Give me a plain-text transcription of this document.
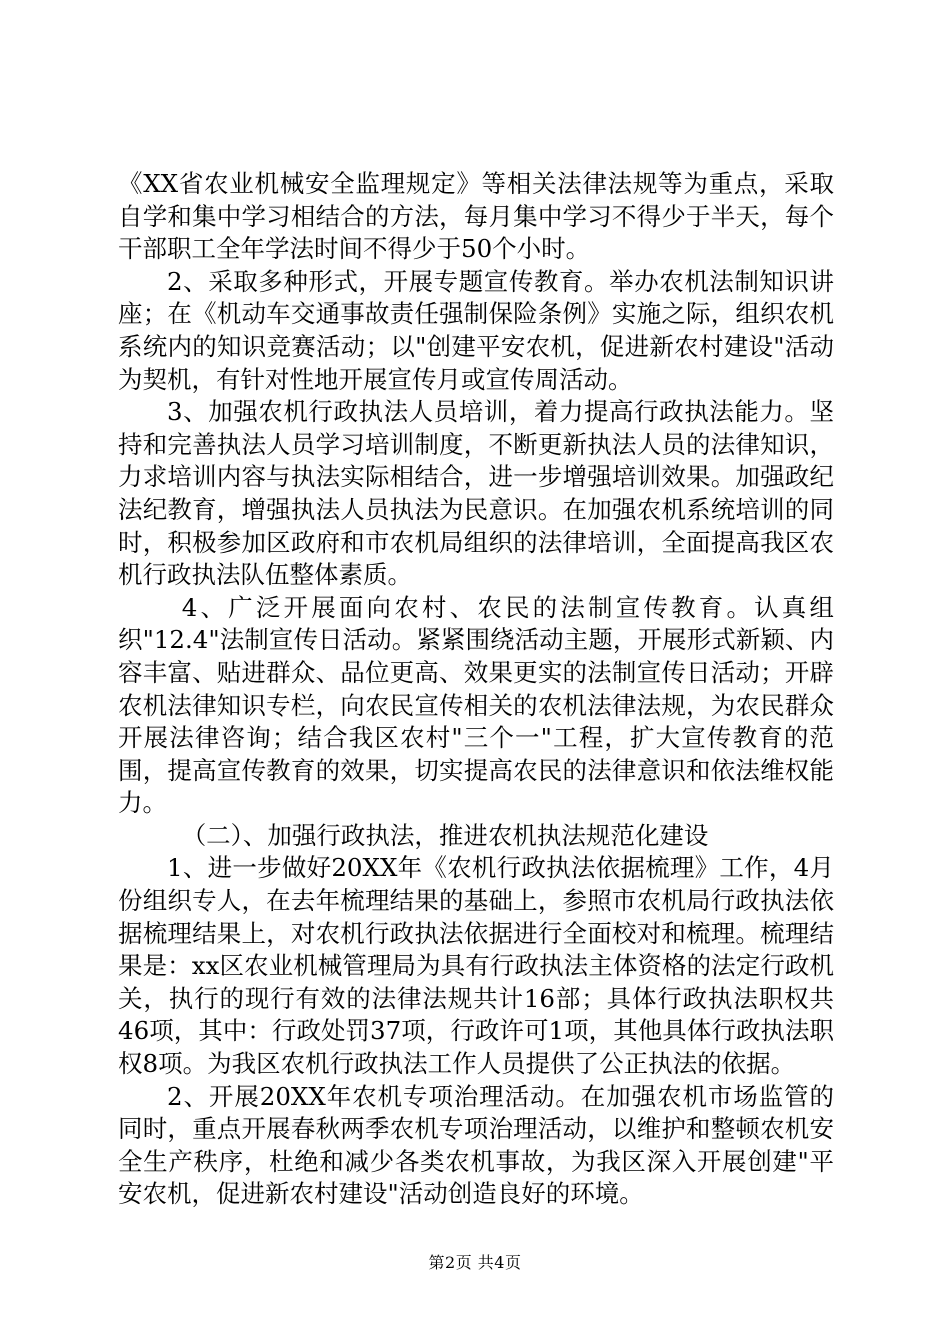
《XX省农业机械安全监理规定》等相关法律法规等为重点，采取自学和集中学习相结合的方法，每月集中学习不得少于半天，每个干部职工全年学法时间不得少于50个小时。

2、采取多种形式，开展专题宣传教育。举办农机法制知识讲座；在《机动车交通事故责任强制保险条例》实施之际，组织农机系统内的知识竞赛活动；以"创建平安农机，促进新农村建设"活动为契机，有针对性地开展宣传月或宣传周活动。

3、加强农机行政执法人员培训，着力提高行政执法能力。坚持和完善执法人员学习培训制度，不断更新执法人员的法律知识，力求培训内容与执法实际相结合，进一步增强培训效果。加强政纪法纪教育，增强执法人员执法为民意识。在加强农机系统培训的同时，积极参加区政府和市农机局组织的法律培训，全面提高我区农机行政执法队伍整体素质。

4、广泛开展面向农村、农民的法制宣传教育。认真组织"12.4"法制宣传日活动。紧紧围绕活动主题，开展形式新颖、内容丰富、贴进群众、品位更高、效果更实的法制宣传日活动；开辟农机法律知识专栏，向农民宣传相关的农机法律法规，为农民群众开展法律咨询；结合我区农村"三个一"工程，扩大宣传教育的范围，提高宣传教育的效果，切实提高农民的法律意识和依法维权能力。

（二）、加强行政执法，推进农机执法规范化建设

1、进一步做好20XX年《农机行政执法依据梳理》工作，4月份组织专人，在去年梳理结果的基础上，参照市农机局行政执法依据梳理结果上，对农机行政执法依据进行全面校对和梳理。梳理结果是：xx区农业机械管理局为具有行政执法主体资格的法定行政机关，执行的现行有效的法律法规共计16部；具体行政执法职权共46项，其中：行政处罚37项，行政许可1项，其他具体行政执法职权8项。为我区农机行政执法工作人员提供了公正执法的依据。

2、开展20XX年农机专项治理活动。在加强农机市场监管的同时，重点开展春秋两季农机专项治理活动，以维护和整顿农机安全生产秩序，杜绝和减少各类农机事故，为我区深入开展创建"平安农机，促进新农村建设"活动创造良好的环境。

第2页 共4页
